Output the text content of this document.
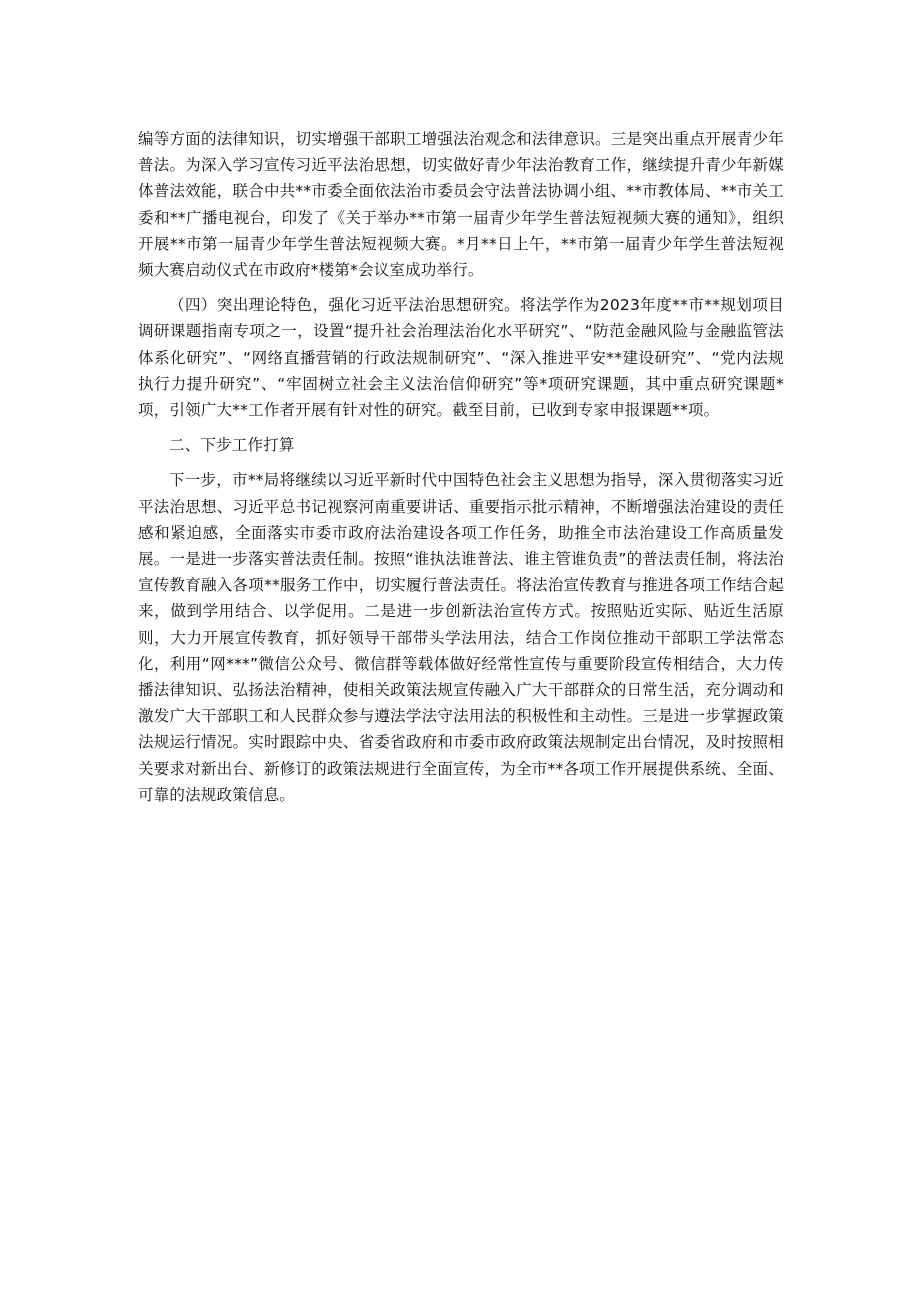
编等方面的法律知识，切实增强干部职工增强法治观念和法律意识。三是突出重点开展青少年普法。为深入学习宣传习近平法治思想，切实做好青少年法治教育工作，继续提升青少年新媒体普法效能，联合中共**市委全面依法治市委员会守法普法协调小组、**市教体局、**市关工委和**广播电视台，印发了《关于举办**市第一届青少年学生普法短视频大赛的通知》，组织开展**市第一届青少年学生普法短视频大赛。*月**日上午，**市第一届青少年学生普法短视频大赛启动仪式在市政府*楼第*会议室成功举行。

（四）突出理论特色，强化习近平法治思想研究。将法学作为2023年度**市**规划项目调研课题指南专项之一，设置“提升社会治理法治化水平研究”、“防范金融风险与金融监管法体系化研究”、“网络直播营销的行政法规制研究”、“深入推进平安**建设研究”、“党内法规执行力提升研究”、“牢固树立社会主义法治信仰研究”等*项研究课题，其中重点研究课题*项，引领广大**工作者开展有针对性的研究。截至目前，已收到专家申报课题**项。

二、下步工作打算

下一步，市**局将继续以习近平新时代中国特色社会主义思想为指导，深入贯彻落实习近平法治思想、习近平总书记视察河南重要讲话、重要指示批示精神，不断增强法治建设的责任感和紧迫感，全面落实市委市政府法治建设各项工作任务，助推全市法治建设工作高质量发展。一是进一步落实普法责任制。按照“谁执法谁普法、谁主管谁负责”的普法责任制，将法治宣传教育融入各项**服务工作中，切实履行普法责任。将法治宣传教育与推进各项工作结合起来，做到学用结合、以学促用。二是进一步创新法治宣传方式。按照贴近实际、贴近生活原则，大力开展宣传教育，抓好领导干部带头学法用法，结合工作岗位推动干部职工学法常态化，利用“网***”微信公众号、微信群等载体做好经常性宣传与重要阶段宣传相结合，大力传播法律知识、弘扬法治精神，使相关政策法规宣传融入广大干部群众的日常生活，充分调动和激发广大干部职工和人民群众参与遵法学法守法用法的积极性和主动性。三是进一步掌握政策法规运行情况。实时跟踪中央、省委省政府和市委市政府政策法规制定出台情况，及时按照相关要求对新出台、新修订的政策法规进行全面宣传，为全市**各项工作开展提供系统、全面、可靠的法规政策信息。
